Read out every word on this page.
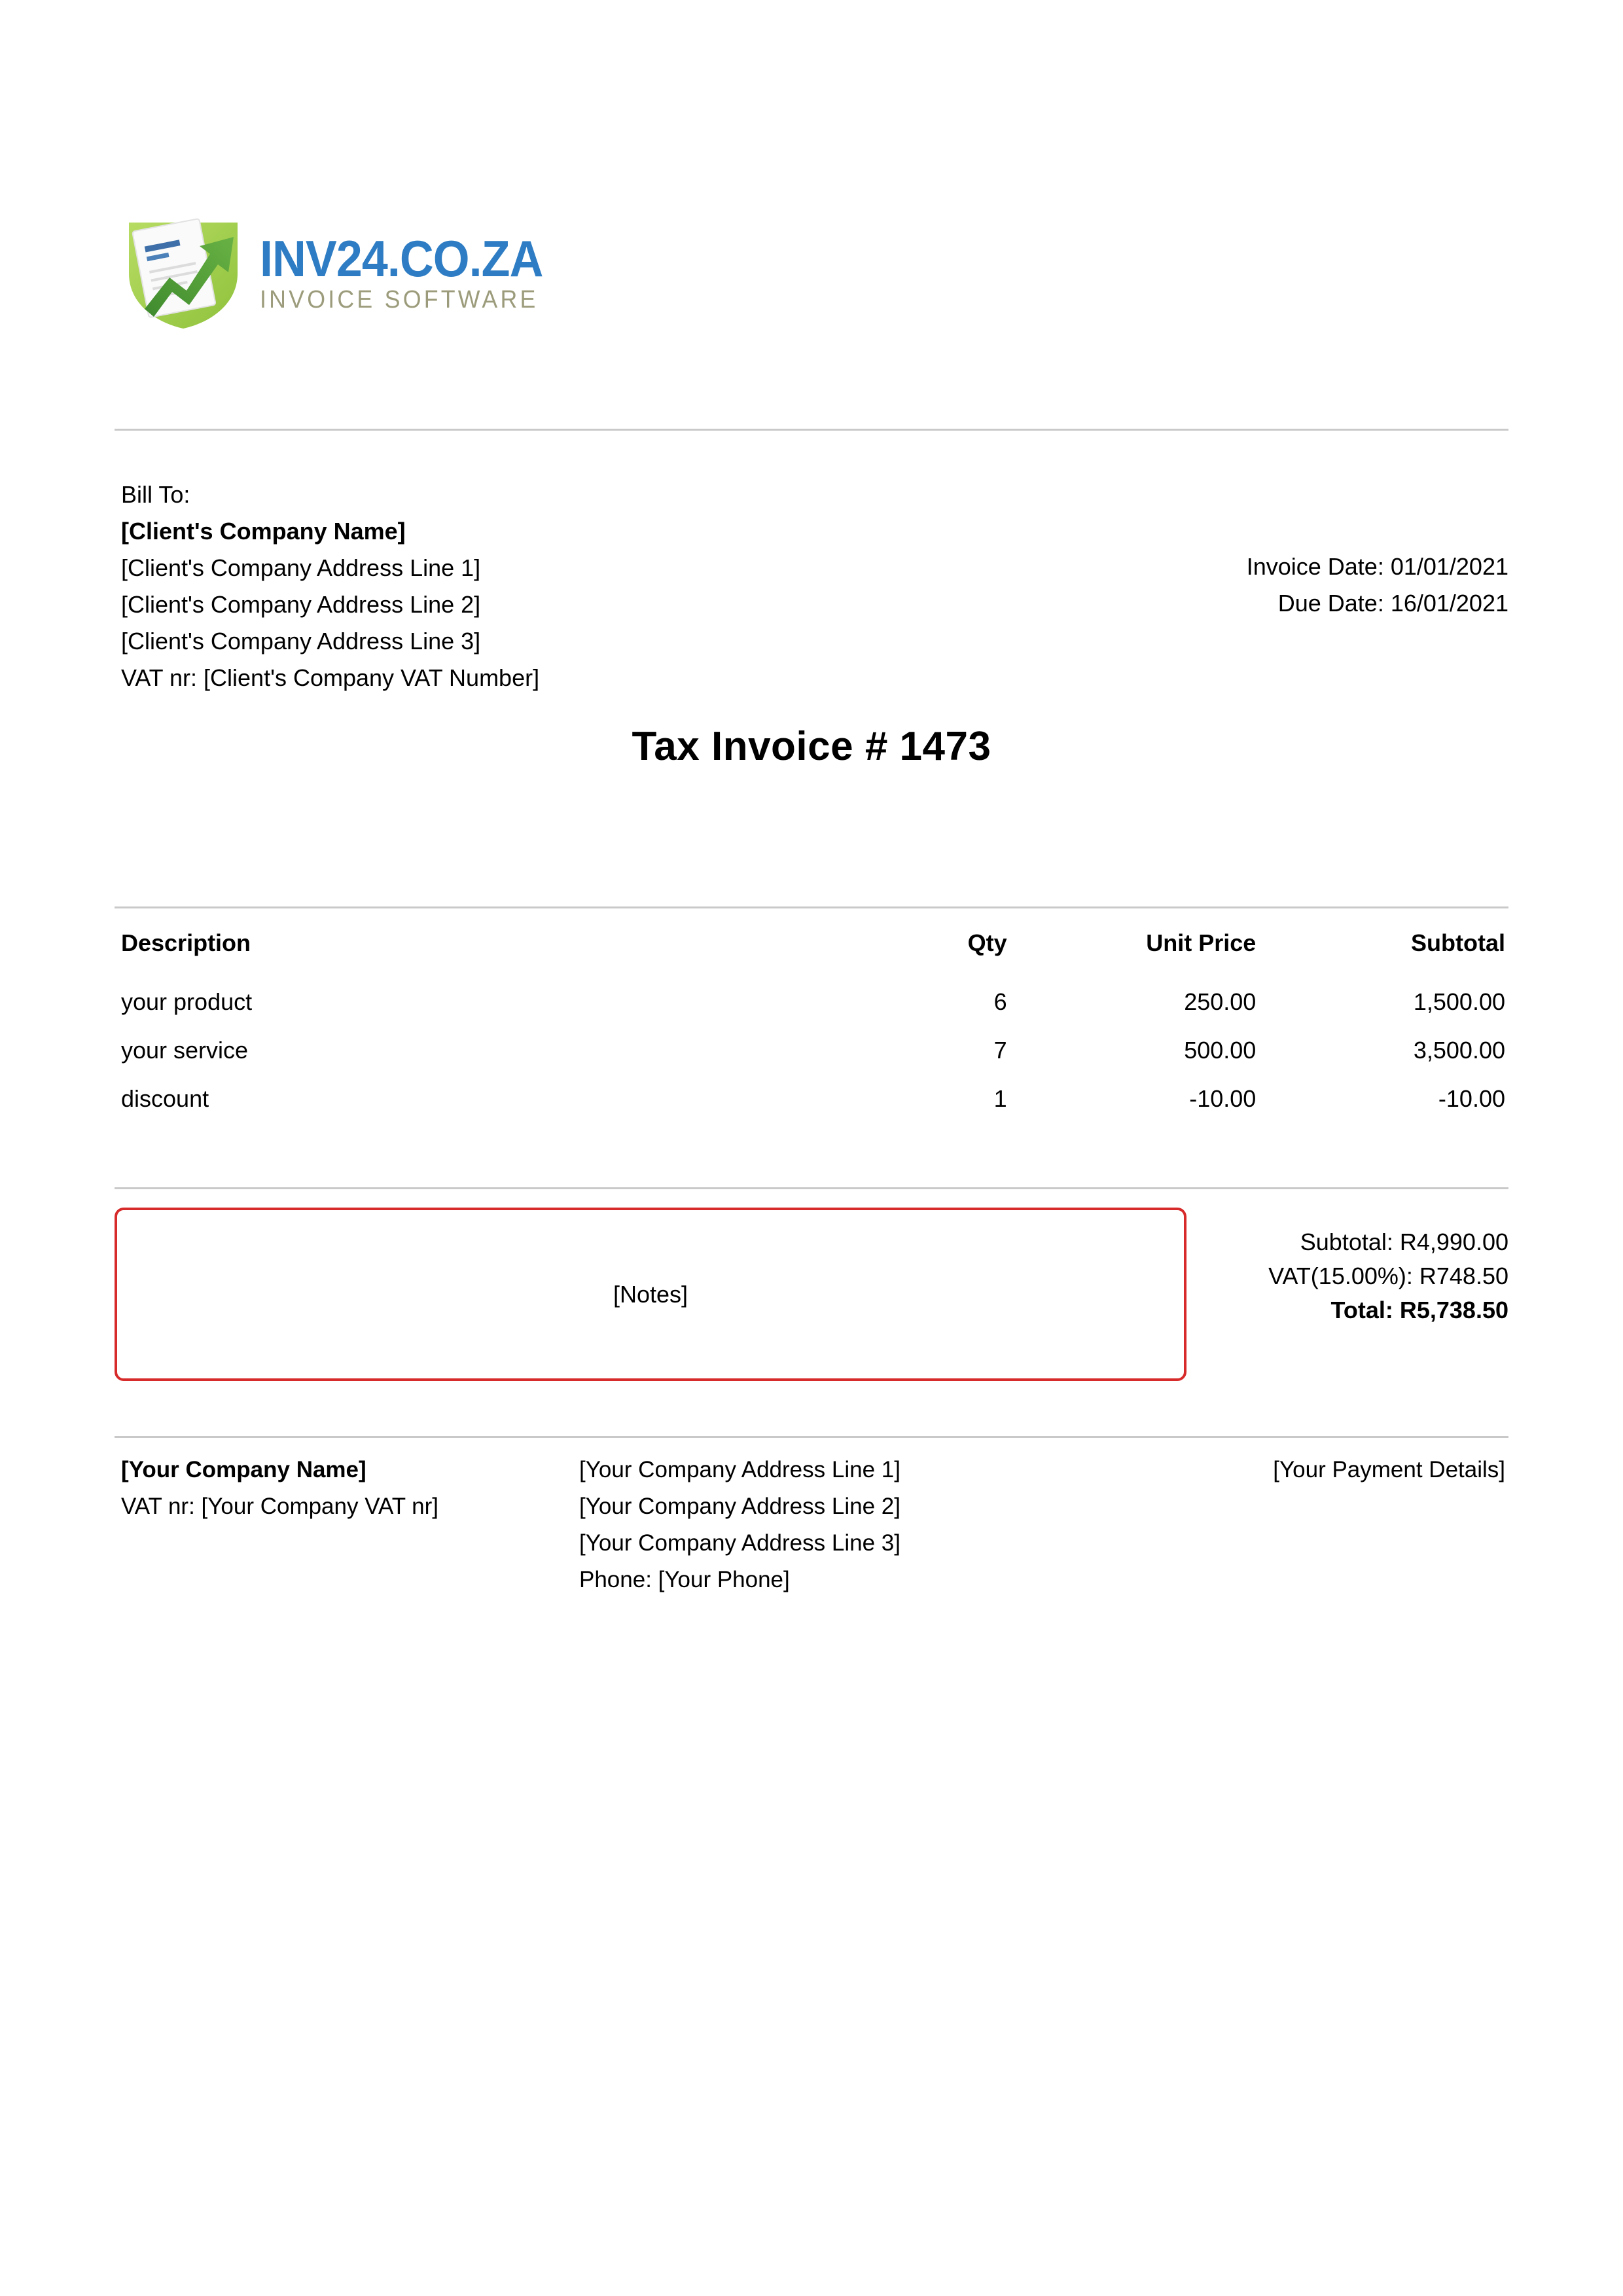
INV24.CO.ZA
INVOICE SOFTWARE
Bill To:
[Client's Company Name]
[Client's Company Address Line 1]
[Client's Company Address Line 2]
[Client's Company Address Line 3]
VAT nr: [Client's Company VAT Number]
Invoice Date: 01/01/2021
Due Date: 16/01/2021
Tax Invoice # 1473
Description	Qty	Unit Price	Subtotal
your product	6	250.00	1,500.00
your service	7	500.00	3,500.00
discount	1	-10.00	-10.00
[Notes]
Subtotal: R4,990.00
VAT(15.00%): R748.50
Total: R5,738.50
[Your Company Name]
VAT nr: [Your Company VAT nr]
[Your Company Address Line 1]
[Your Company Address Line 2]
[Your Company Address Line 3]
Phone: [Your Phone]
[Your Payment Details]
